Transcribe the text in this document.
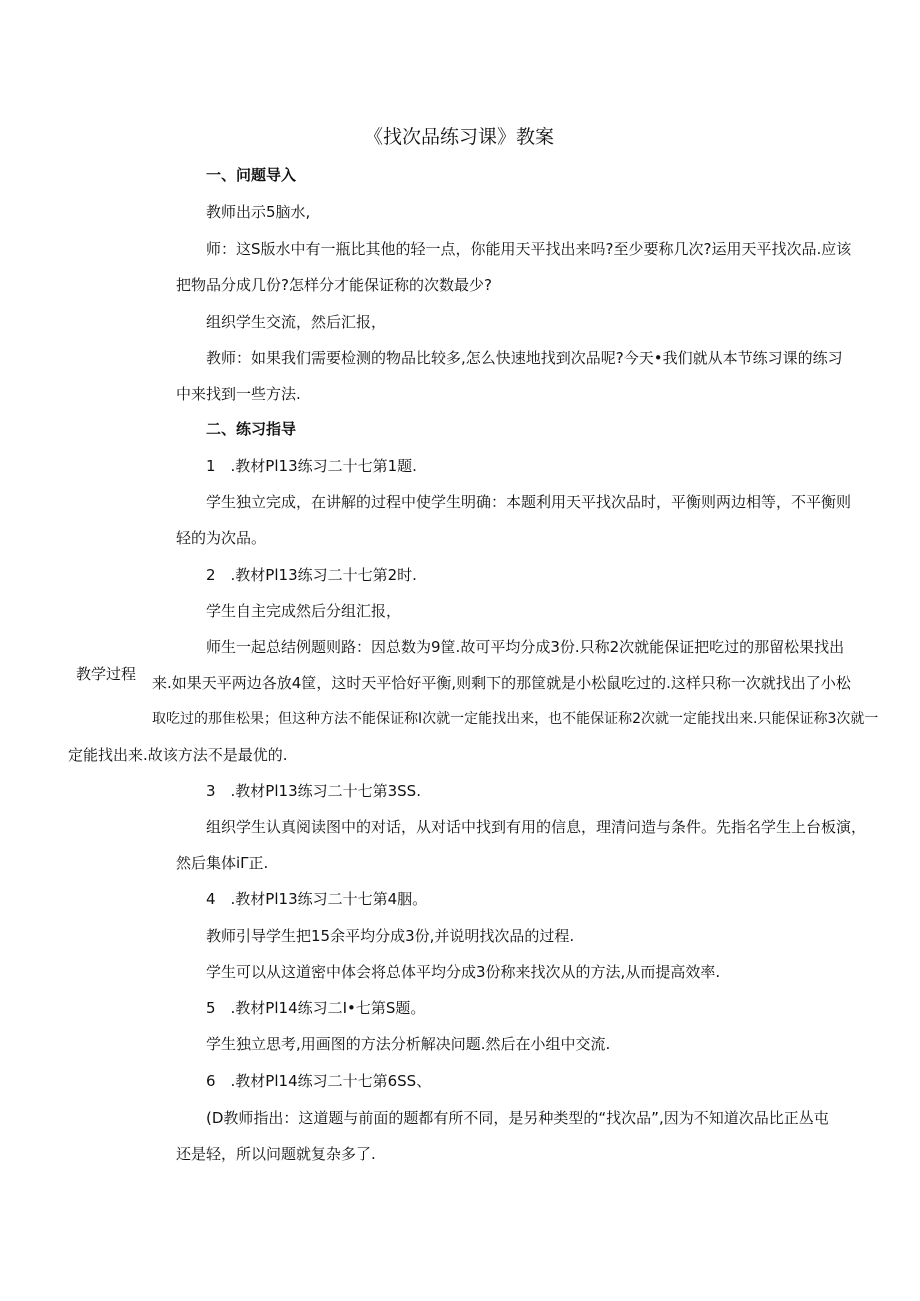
《找次品练习课》教案
一、问题导入
教师出示5脑水,
师：这S版水中有一瓶比其他的轻一点，你能用天平找出来吗?至少要称几次?运用天平找次品.应该
把物品分成几份?怎样分才能保证称的次数最少?
组织学生交流，然后汇报，
教师：如果我们需要检测的物品比较多,怎么快速地找到次品呢?今天•我们就从本节练习课的练习
中来找到一些方法.
二、练习指导
1　.教材Pl13练习二十七第1题.
学生独立完成，在讲解的过程中使学生明确：本题利用天平找次品时，平衡则两边相等，不平衡则
轻的为次品。
2　.教材Pl13练习二十七第2时.
学生自主完成然后分组汇报，
师生一起总结例题则路：因总数为9筐.故可平均分成3份.只称2次就能保证把吃过的那留松果找出
教学过程 来.如果天平两边各放4筐，这时天平恰好平衡,则剩下的那筐就是小松鼠吃过的.这样只称一次就找出了小松
取吃过的那隹松果；但这种方法不能保证称I次就一定能找出来，也不能保证称2次就一定能找出来.只能保证称3次就一
定能找出来.故该方法不是最优的.
3　.教材Pl13练习二十七第3SS.
组织学生认真阅读图中的对话，从对话中找到有用的信息，理清问造与条件。先指名学生上台板演，
然后集体iΓ正.
4　.教材Pl13练习二十七第4胭。
教师引导学生把15余平均分成3份,并说明找次品的过程.
学生可以从这道密中体会将总体平均分成3份称来找次从的方法,从而提高效率.
5　.教材Pl14练习二I•七第S题。
学生独立思考,用画图的方法分析解决问题.然后在小组中交流.
6　.教材Pl14练习二十七第6SS、
(D教师指出：这道题与前面的题都有所不同，是另种类型的“找次品”,因为不知道次品比正丛屯
还是轻，所以问题就复杂多了.
